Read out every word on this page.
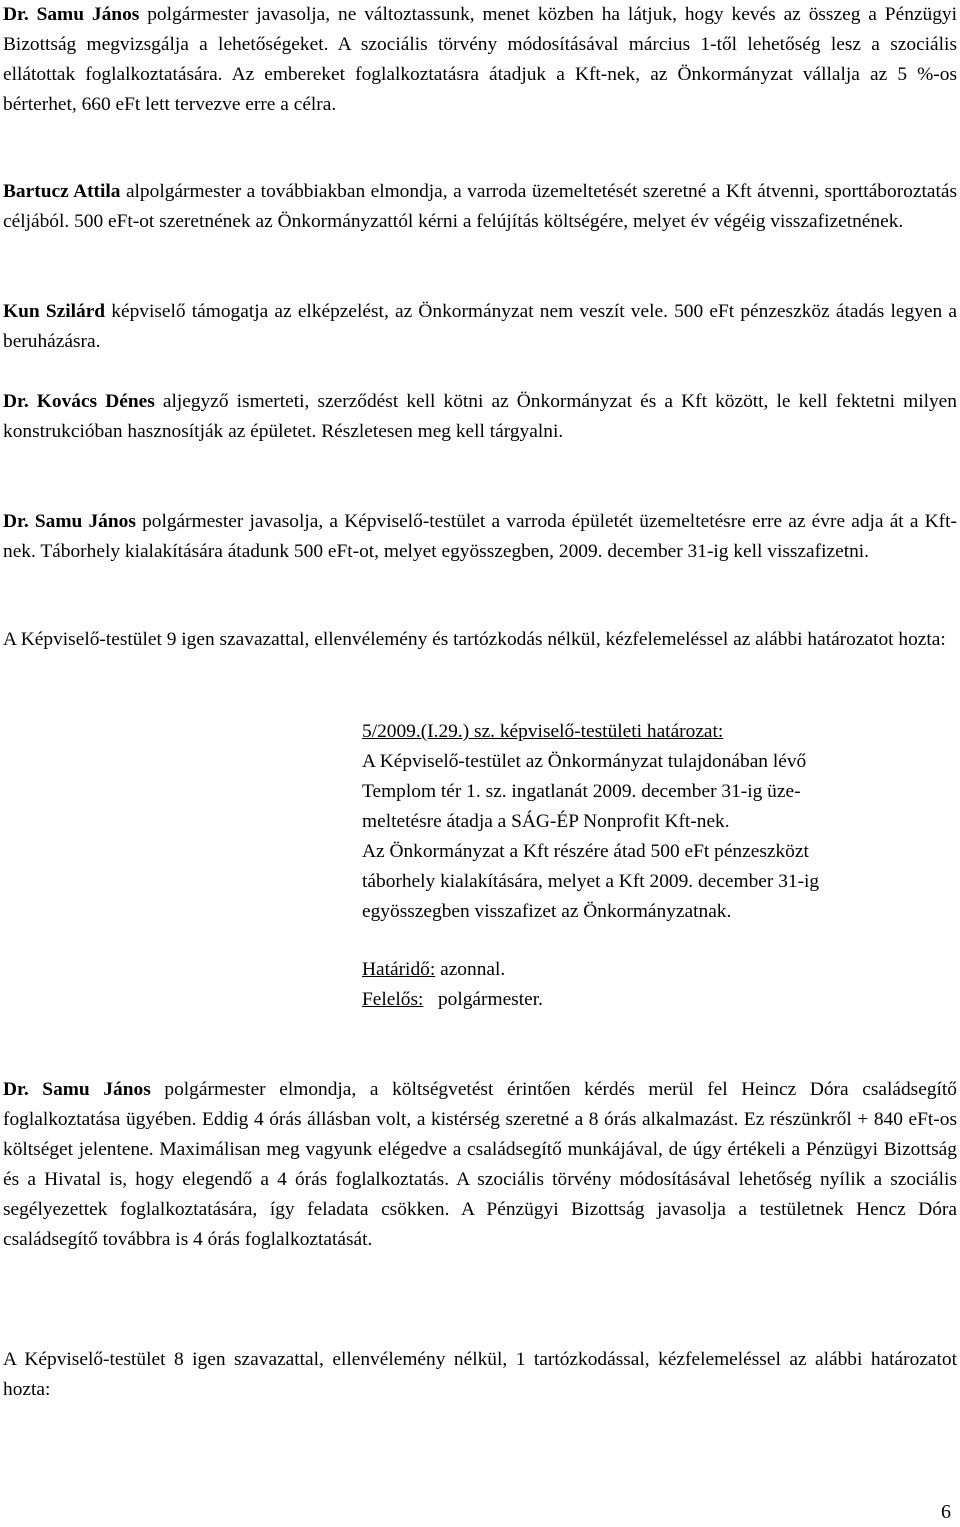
Dr. Samu János polgármester javasolja, ne változtassunk, menet közben ha látjuk, hogy kevés az összeg a Pénzügyi Bizottság megvizsgálja a lehetőségeket. A szociális törvény módosításával március 1-től lehetőség lesz a szociális ellátottak foglalkoztatására. Az embereket foglalkoztatásra átadjuk a Kft-nek, az Önkormányzat vállalja az 5 %-os bérterhet, 660 eFt lett tervezve erre a célra.

Bartucz Attila alpolgármester a továbbiakban elmondja, a varroda üzemeltetését szeretné a Kft átvenni, sporttáboroztatás céljából. 500 eFt-ot szeretnének az Önkormányzattól kérni a felújítás költségére, melyet év végéig visszafizetnének.

Kun Szilárd képviselő támogatja az elképzelést, az Önkormányzat nem veszít vele. 500 eFt pénzeszköz átadás legyen a beruházásra.

Dr. Kovács Dénes aljegyző ismerteti, szerződést kell kötni az Önkormányzat és a Kft között, le kell fektetni milyen konstrukcióban hasznosítják az épületet. Részletesen meg kell tárgyalni.

Dr. Samu János polgármester javasolja, a Képviselő-testület a varroda épületét üzemeltetésre erre az évre adja át a Kft-nek. Táborhely kialakítására átadunk 500 eFt-ot, melyet egyösszegben, 2009. december 31-ig kell visszafizetni.

A Képviselő-testület 9 igen szavazattal, ellenvélemény és tartózkodás nélkül, kézfelemeléssel az alábbi határozatot hozta:

5/2009.(I.29.) sz. képviselő-testületi határozat:

A Képviselő-testület az Önkormányzat tulajdonában lévő

Templom tér 1. sz. ingatlanát 2009. december 31-ig üze-

meltetésre átadja a SÁG-ÉP Nonprofit Kft-nek.

Az Önkormányzat a Kft részére átad 500 eFt pénzeszközt

táborhely kialakítására, melyet a Kft 2009. december 31-ig

egyösszegben visszafizet az Önkormányzatnak.

Határidő: azonnal.

Felelős: polgármester.

Dr. Samu János polgármester elmondja, a költségvetést érintően kérdés merül fel Heincz Dóra családsegítő foglalkoztatása ügyében. Eddig 4 órás állásban volt, a kistérség szeretné a 8 órás alkalmazást. Ez részünkről + 840 eFt-os költséget jelentene. Maximálisan meg vagyunk elégedve a családsegítő munkájával, de úgy értékeli a Pénzügyi Bizottság és a Hivatal is, hogy elegendő a 4 órás foglalkoztatás. A szociális törvény módosításával lehetőség nyílik a szociális segélyezettek foglalkoztatására, így feladata csökken. A Pénzügyi Bizottság javasolja a testületnek Hencz Dóra családsegítő továbbra is 4 órás foglalkoztatását.

A Képviselő-testület 8 igen szavazattal, ellenvélemény nélkül, 1 tartózkodással, kézfelemeléssel az alábbi határozatot hozta:

6
